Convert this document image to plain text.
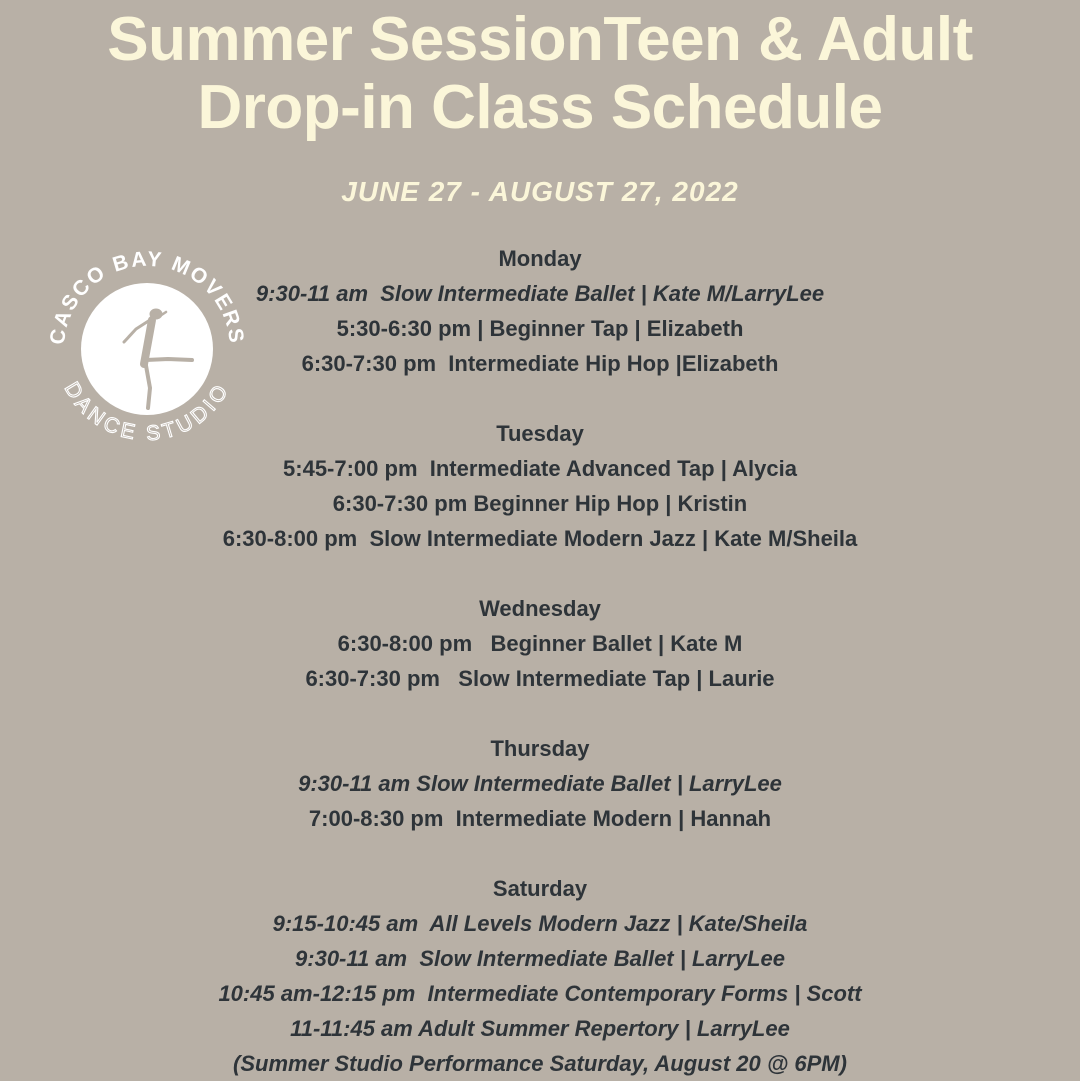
Summer SessionTeen & Adult
Drop-in Class Schedule
JUNE 27 - AUGUST 27, 2022
CASCO BAY MOVERS
DANCE STUDIO
Monday
9:30-11 am  Slow Intermediate Ballet | Kate M/LarryLee
5:30-6:30 pm | Beginner Tap | Elizabeth
6:30-7:30 pm  Intermediate Hip Hop |Elizabeth
Tuesday
5:45-7:00 pm  Intermediate Advanced Tap | Alycia
6:30-7:30 pm Beginner Hip Hop | Kristin
6:30-8:00 pm  Slow Intermediate Modern Jazz | Kate M/Sheila
Wednesday
6:30-8:00 pm   Beginner Ballet | Kate M
6:30-7:30 pm   Slow Intermediate Tap | Laurie
Thursday
9:30-11 am Slow Intermediate Ballet | LarryLee
7:00-8:30 pm  Intermediate Modern | Hannah
Saturday
9:15-10:45 am  All Levels Modern Jazz | Kate/Sheila
9:30-11 am  Slow Intermediate Ballet | LarryLee
10:45 am-12:15 pm  Intermediate Contemporary Forms | Scott
11-11:45 am Adult Summer Repertory | LarryLee
(Summer Studio Performance Saturday, August 20 @ 6PM)
